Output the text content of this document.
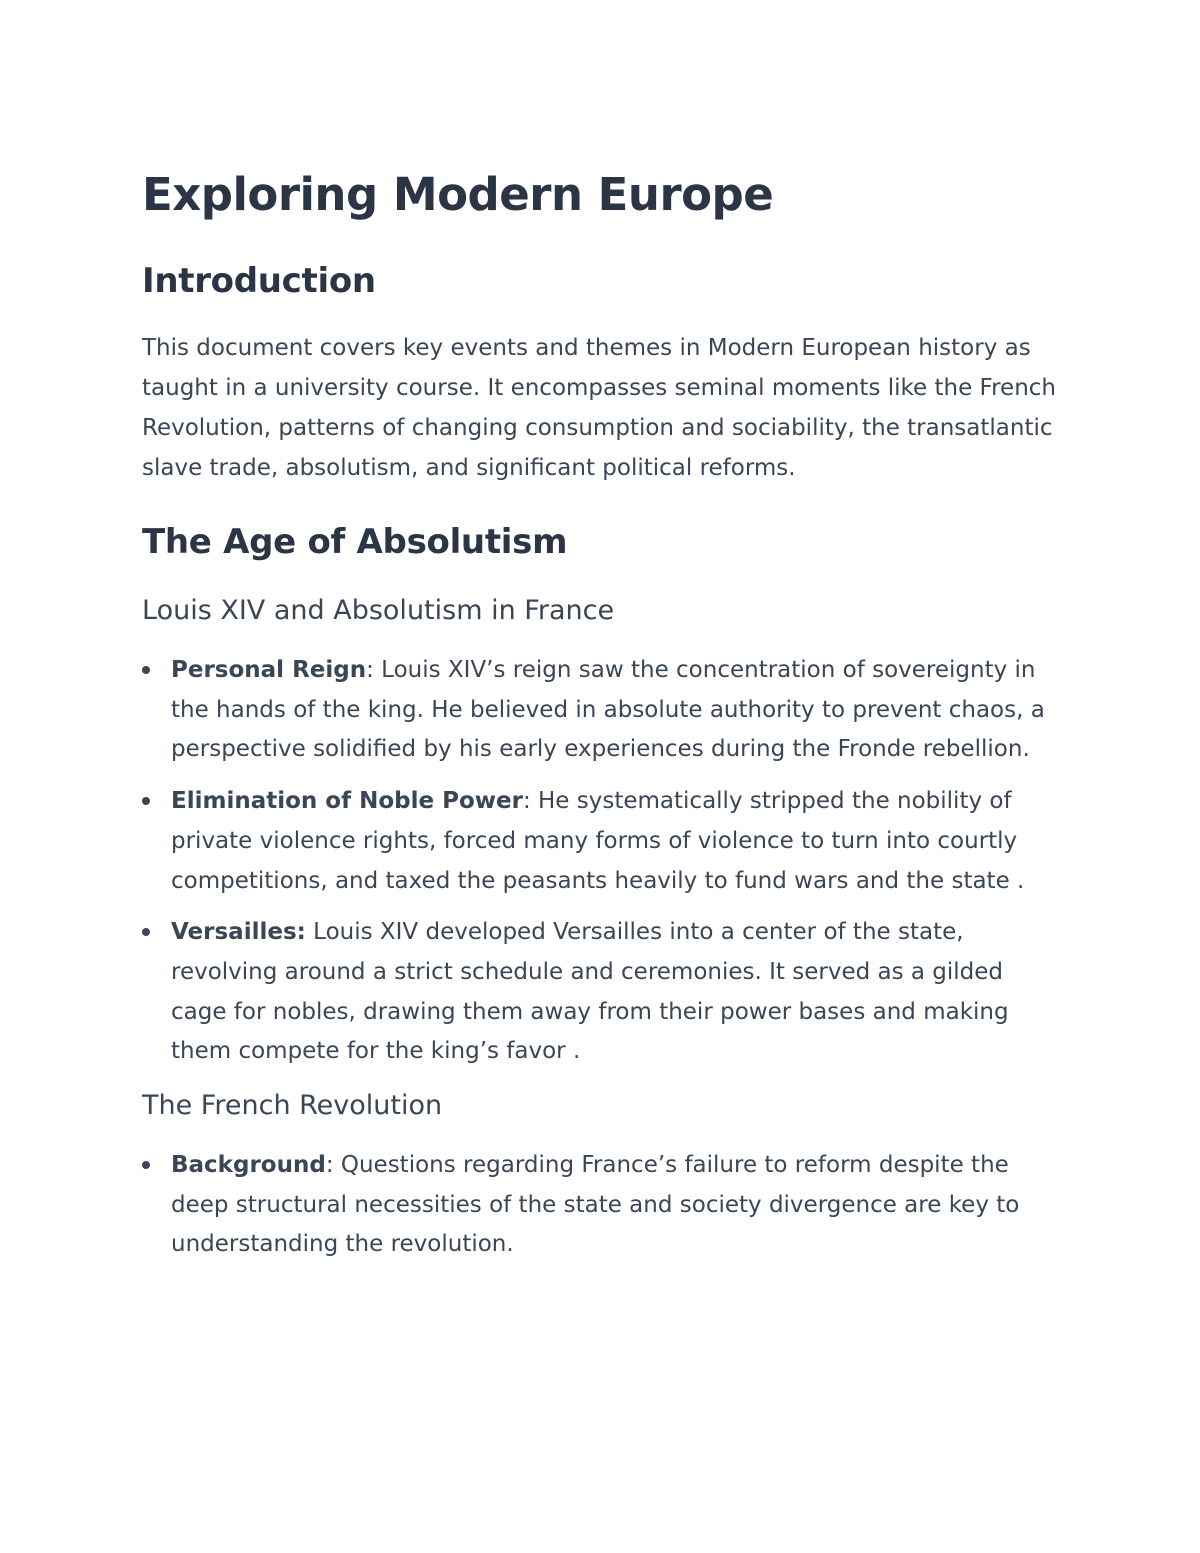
Exploring Modern Europe
Introduction

This document covers key events and themes in Modern European history as taught in a university course. It encompasses seminal moments like the French Revolution, patterns of changing consumption and sociability, the transatlantic slave trade, absolutism, and significant political reforms.

The Age of Absolutism
Louis XIV and Absolutism in France
Personal Reign: Louis XIV’s reign saw the concentration of sovereignty in the hands of the king. He believed in absolute authority to prevent chaos, a perspective solidified by his early experiences during the Fronde rebellion.
Elimination of Noble Power: He systematically stripped the nobility of private violence rights, forced many forms of violence to turn into courtly competitions, and taxed the peasants heavily to fund wars and the state .
Versailles: Louis XIV developed Versailles into a center of the state, revolving around a strict schedule and ceremonies. It served as a gilded cage for nobles, drawing them away from their power bases and making them compete for the king’s favor .
The French Revolution
Background: Questions regarding France’s failure to reform despite the deep structural necessities of the state and society divergence are key to understanding the revolution.
